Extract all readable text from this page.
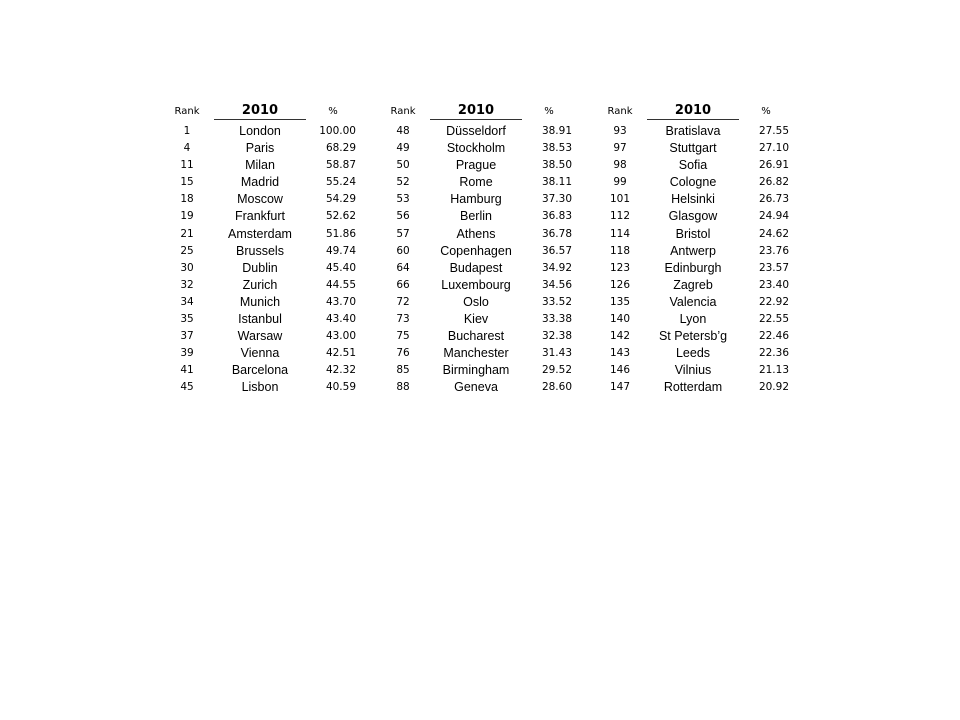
Rank	2010	%
1	London	100.00
4	Paris	68.29
11	Milan	58.87
15	Madrid	55.24
18	Moscow	54.29
19	Frankfurt	52.62
21	Amsterdam	51.86
25	Brussels	49.74
30	Dublin	45.40
32	Zurich	44.55
34	Munich	43.70
35	Istanbul	43.40
37	Warsaw	43.00
39	Vienna	42.51
41	Barcelona	42.32
45	Lisbon	40.59
Rank	2010	%
48	Düsseldorf	38.91
49	Stockholm	38.53
50	Prague	38.50
52	Rome	38.11
53	Hamburg	37.30
56	Berlin	36.83
57	Athens	36.78
60	Copenhagen	36.57
64	Budapest	34.92
66	Luxembourg	34.56
72	Oslo	33.52
73	Kiev	33.38
75	Bucharest	32.38
76	Manchester	31.43
85	Birmingham	29.52
88	Geneva	28.60
Rank	2010	%
93	Bratislava	27.55
97	Stuttgart	27.10
98	Sofia	26.91
99	Cologne	26.82
101	Helsinki	26.73
112	Glasgow	24.94
114	Bristol	24.62
118	Antwerp	23.76
123	Edinburgh	23.57
126	Zagreb	23.40
135	Valencia	22.92
140	Lyon	22.55
142	St Petersb’g	22.46
143	Leeds	22.36
146	Vilnius	21.13
147	Rotterdam	20.92
